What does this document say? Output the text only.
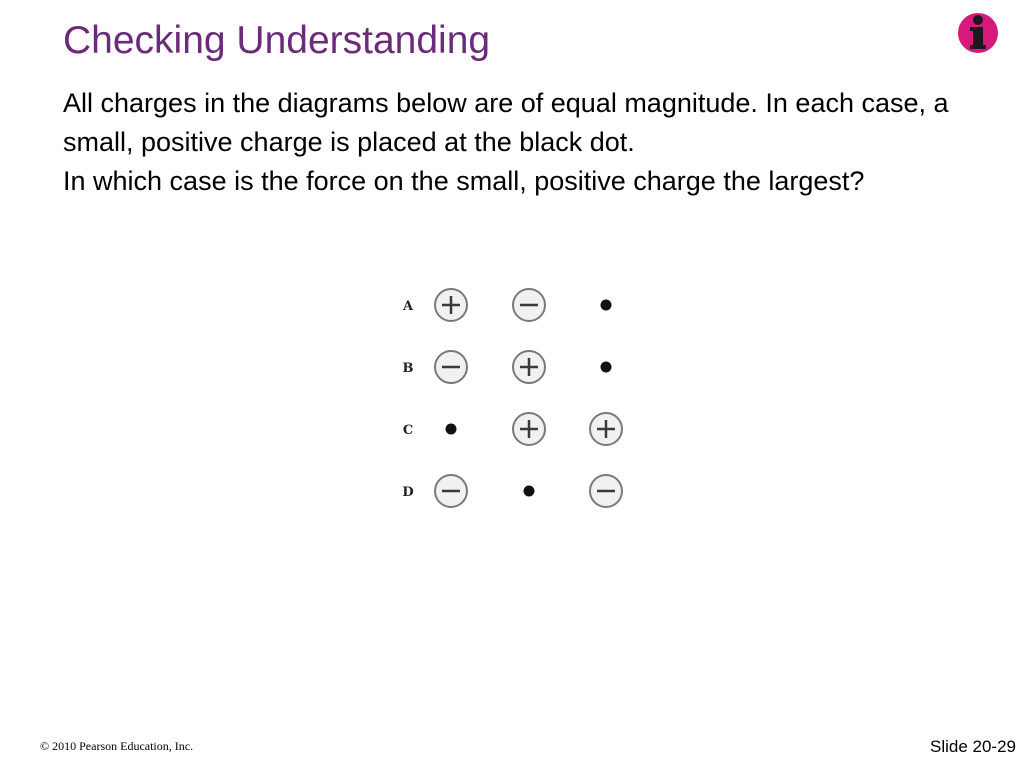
Checking Understanding

All charges in the diagrams below are of equal magnitude. In each case, a small, positive charge is placed at the black dot.

In which case is the force on the small, positive charge the largest?

A
B
C
D
© 2010 Pearson Education, Inc.	Slide 20-29
